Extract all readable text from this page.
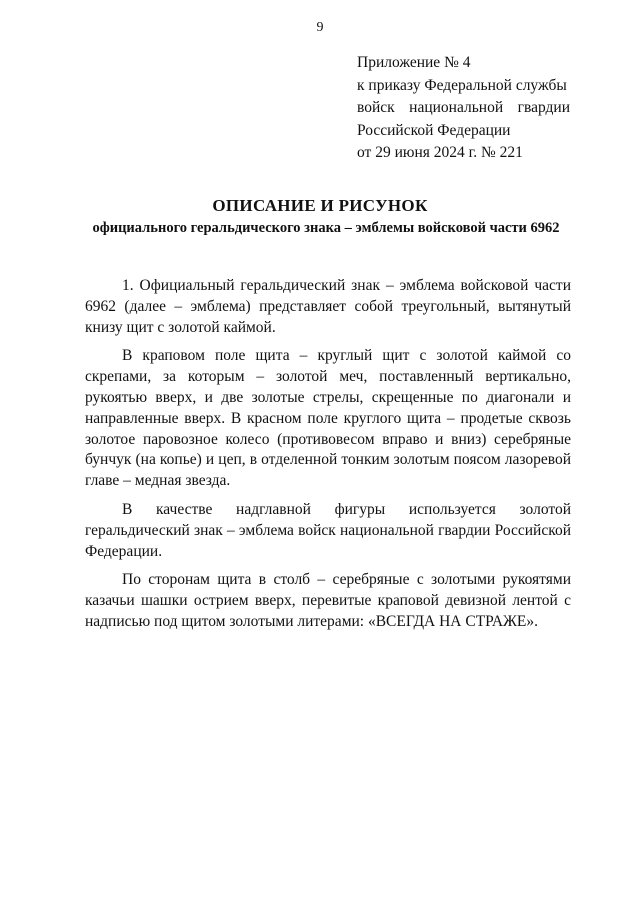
9
Приложение № 4
к приказу Федеральной службы
войск национальной гвардии
Российской Федерации
от 29 июня 2024 г. № 221
ОПИСАНИЕ И РИСУНОК
официального геральдического знака – эмблемы войсковой части 6962

1. Официальный геральдический знак – эмблема войсковой части 6962 (далее – эмблема) представляет собой треугольный, вытянутый книзу щит с золотой каймой.

В краповом поле щита – круглый щит с золотой каймой со скрепами, за которым – золотой меч, поставленный вертикально, рукоятью вверх, и две золотые стрелы, скрещенные по диагонали и направленные вверх. В красном поле круглого щита – продетые сквозь золотое паровозное колесо (противовесом вправо и вниз) серебряные бунчук (на копье) и цеп, в отделенной тонким золотым поясом лазоревой главе – медная звезда.

В качестве надглавной фигуры используется золотой геральдический знак – эмблема войск национальной гвардии Российской Федерации.

По сторонам щита в столб – серебряные с золотыми рукоятями казачьи шашки острием вверх, перевитые краповой девизной лентой с надписью под щитом золотыми литерами: «ВСЕГДА НА СТРАЖЕ».
